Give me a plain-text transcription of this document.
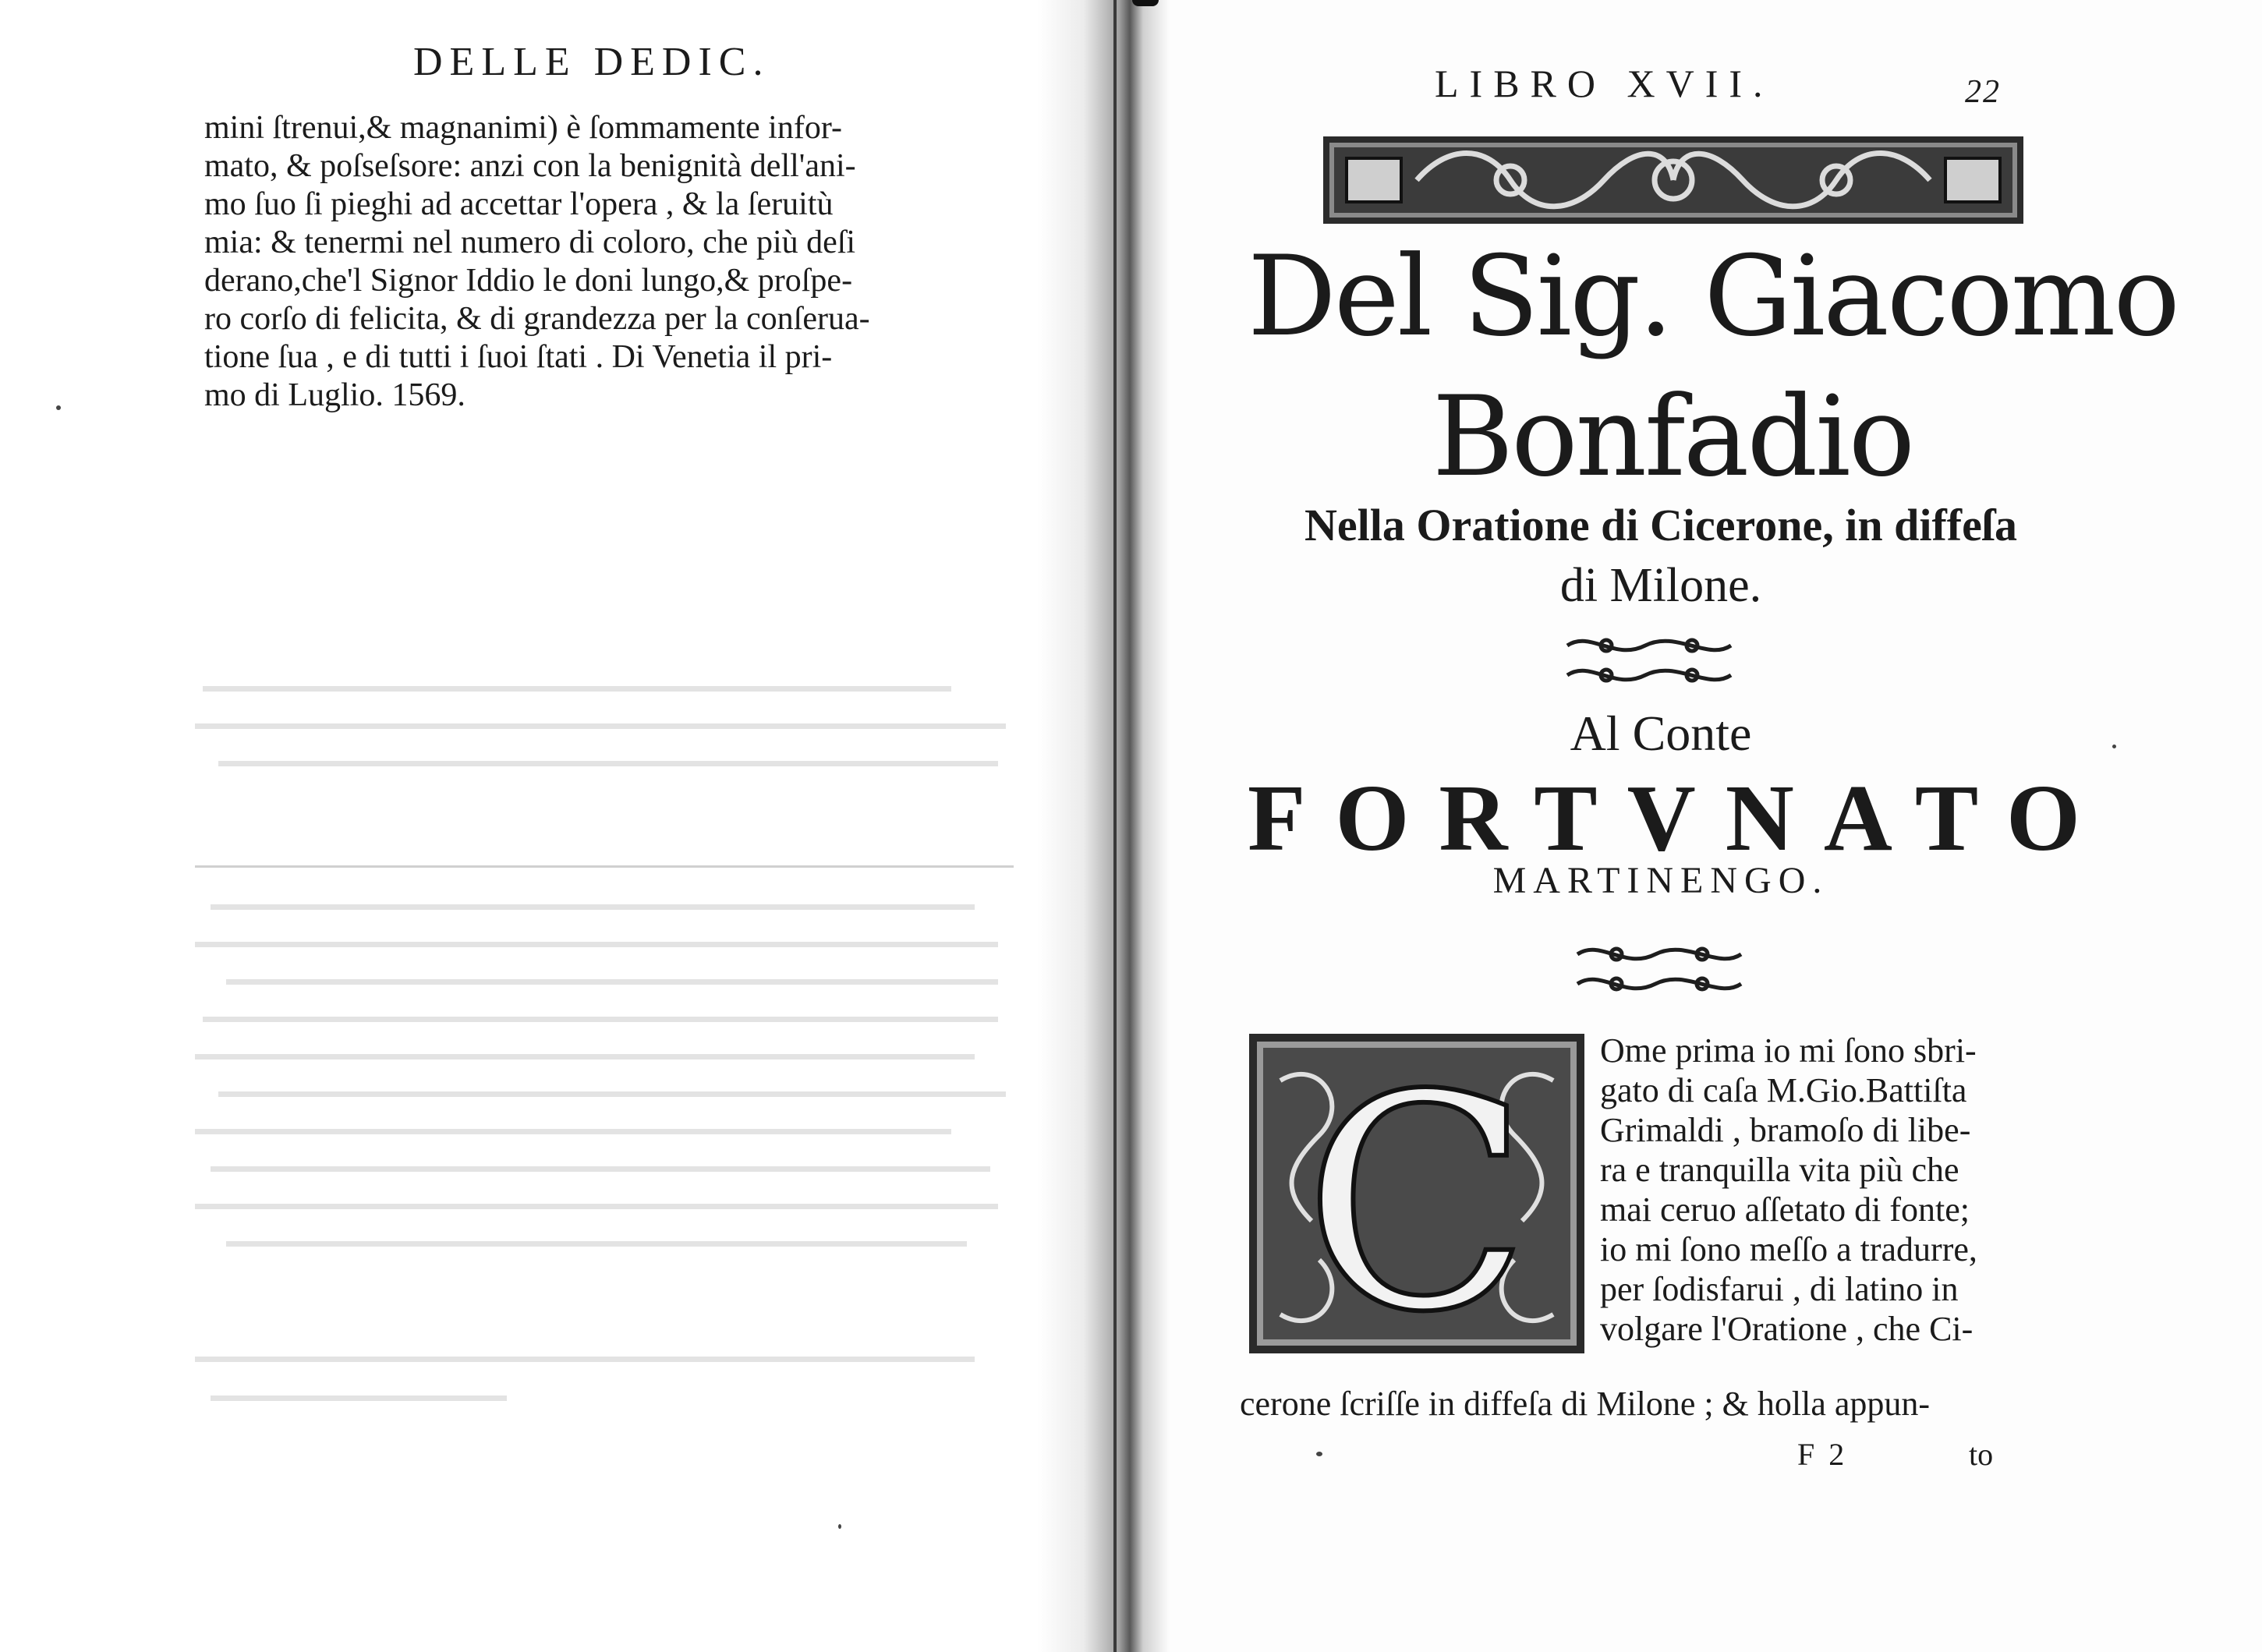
DELLE DEDIC.
mini ſtrenui,& magnanimi) è ſommamente infor-
mato, & poſseſsore: anzi con la benignità dell'ani-
mo ſuo ſi pieghi ad accettar l'opera , & la ſeruitù
mia: & tenermi nel numero di coloro, che più deſi
derano,che'l Signor Iddio le doni lungo,& proſpe-
ro corſo di felicita, & di grandezza per la conſerua-
tione ſua , e di tutti i ſuoi ſtati . Di Venetia il pri-
mo di Luglio. 1569.
LIBRO XVII.	22
Del Sig. Giacomo
Bonfadio
Nella Oratione di Cicerone, in diffeſa
di Milone.
Al Conte
FORTVNATO
MARTINENGO.
C Ome prima io mi ſono sbri-
gato di caſa M.Gio.Battiſta
Grimaldi , bramoſo di libe-
ra e tranquilla vita più che
mai ceruo aſſetato di fonte;
io mi ſono meſſo a tradurre,
per ſodisfarui , di latino in
volgare l'Oratione , che Ci-
cerone ſcriſſe in diffeſa di Milone ; & holla appun-
F 2	to
